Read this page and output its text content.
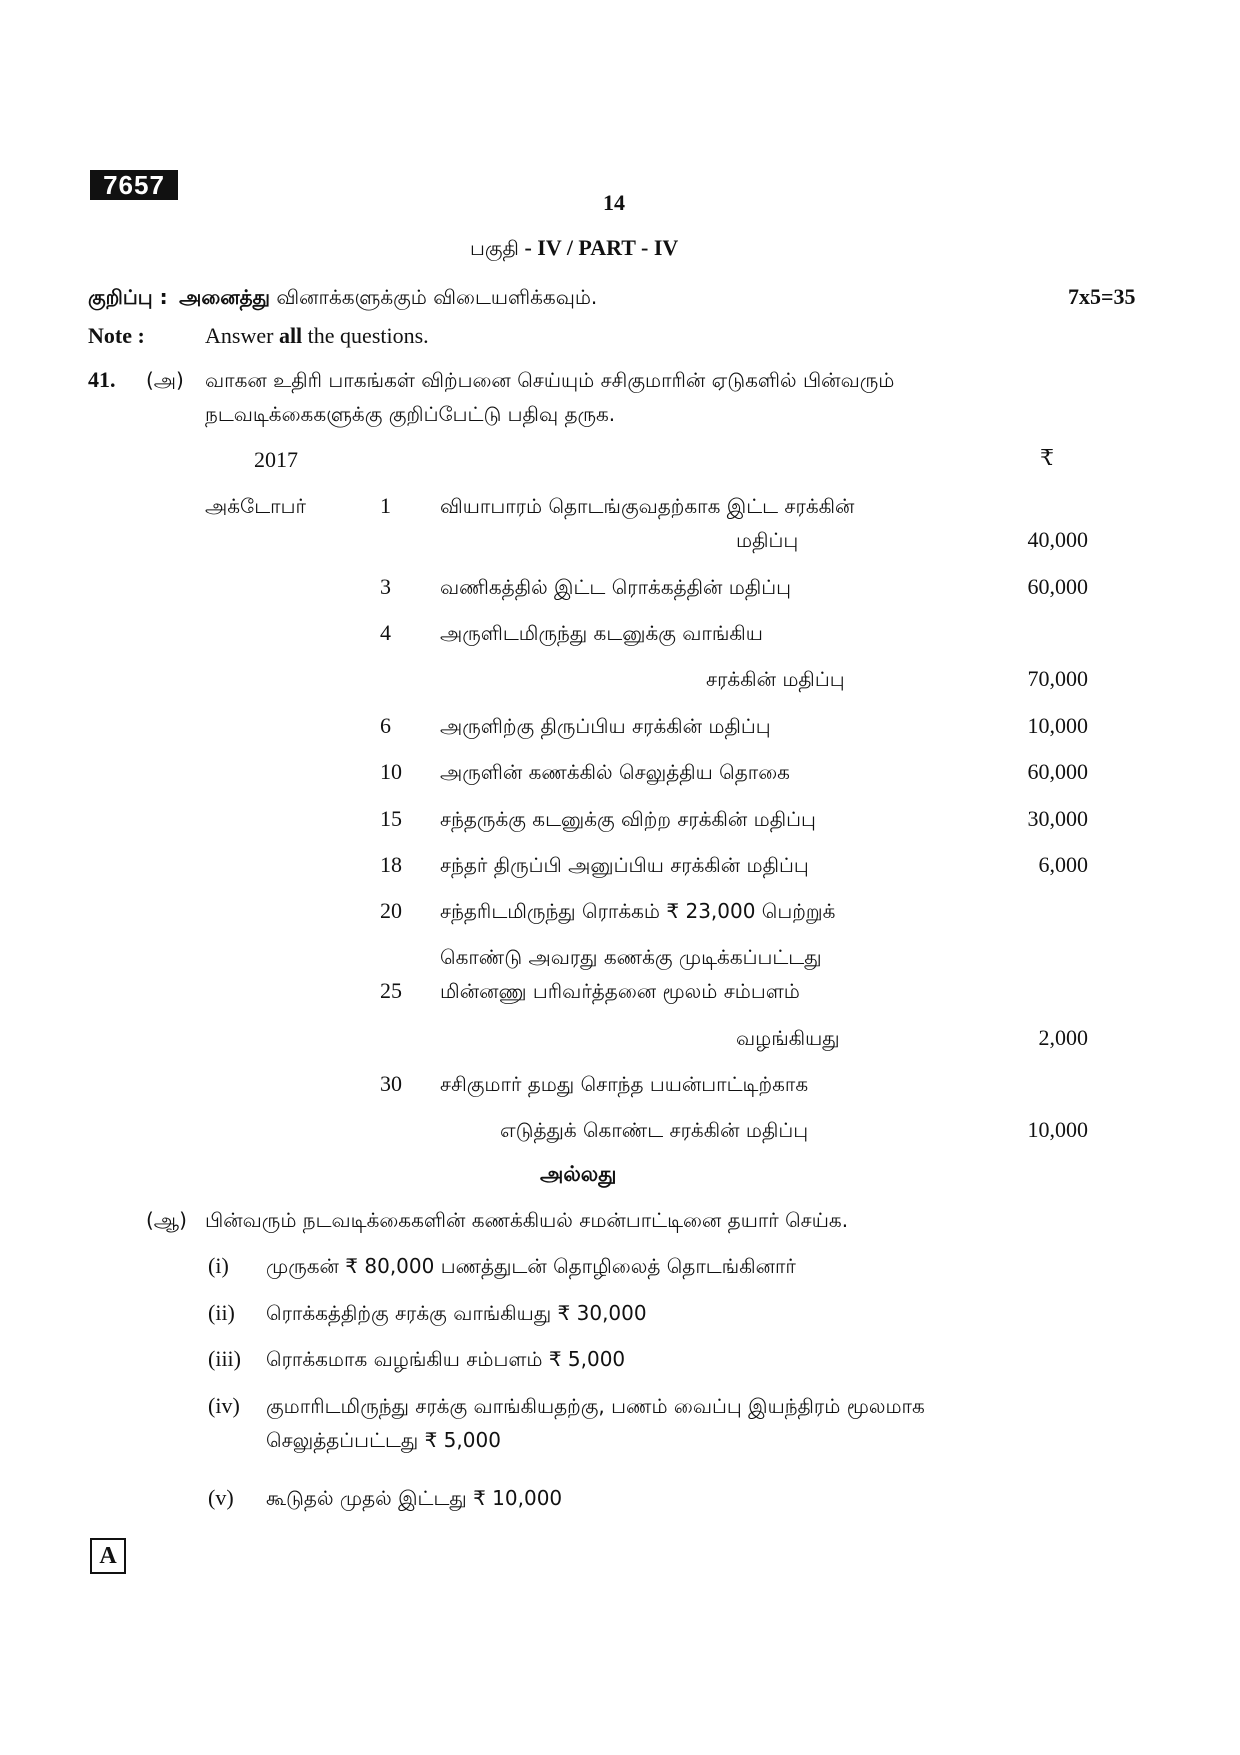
7657
14
பகுதி - IV / PART - IV
குறிப்பு : அனைத்து வினாக்களுக்கும் விடையளிக்கவும்.	7x5=35
Note :	Answer all the questions.
41. (அ) வாகன உதிரி பாகங்கள் விற்பனை செய்யும் சசிகுமாரின் ஏடுகளில் பின்வரும்
நடவடிக்கைகளுக்கு குறிப்பேட்டு பதிவு தருக.
2017	₹
அக்டோபர்	1 வியாபாரம் தொடங்குவதற்காக இட்ட சரக்கின்
மதிப்பு	40,000
3 வணிகத்தில் இட்ட ரொக்கத்தின் மதிப்பு	60,000
4 அருளிடமிருந்து கடனுக்கு வாங்கிய
சரக்கின் மதிப்பு	70,000
6 அருளிற்கு திருப்பிய சரக்கின் மதிப்பு	10,000
10 அருளின் கணக்கில் செலுத்திய தொகை	60,000
15 சந்தருக்கு கடனுக்கு விற்ற சரக்கின் மதிப்பு	30,000
18 சந்தர் திருப்பி அனுப்பிய சரக்கின் மதிப்பு	6,000
20 சந்தரிடமிருந்து ரொக்கம் ₹ 23,000 பெற்றுக்
கொண்டு அவரது கணக்கு முடிக்கப்பட்டது
25 மின்னணு பரிவர்த்தனை மூலம் சம்பளம்
வழங்கியது	2,000
30 சசிகுமார் தமது சொந்த பயன்பாட்டிற்காக
எடுத்துக் கொண்ட சரக்கின் மதிப்பு	10,000
அல்லது
(ஆ) பின்வரும் நடவடிக்கைகளின் கணக்கியல் சமன்பாட்டினை தயார் செய்க.
(i) முருகன் ₹ 80,000 பணத்துடன் தொழிலைத் தொடங்கினார்
(ii) ரொக்கத்திற்கு சரக்கு வாங்கியது ₹ 30,000
(iii) ரொக்கமாக வழங்கிய சம்பளம் ₹ 5,000
(iv) குமாரிடமிருந்து சரக்கு வாங்கியதற்கு, பணம் வைப்பு இயந்திரம் மூலமாக
செலுத்தப்பட்டது ₹ 5,000
(v) கூடுதல் முதல் இட்டது ₹ 10,000
A
